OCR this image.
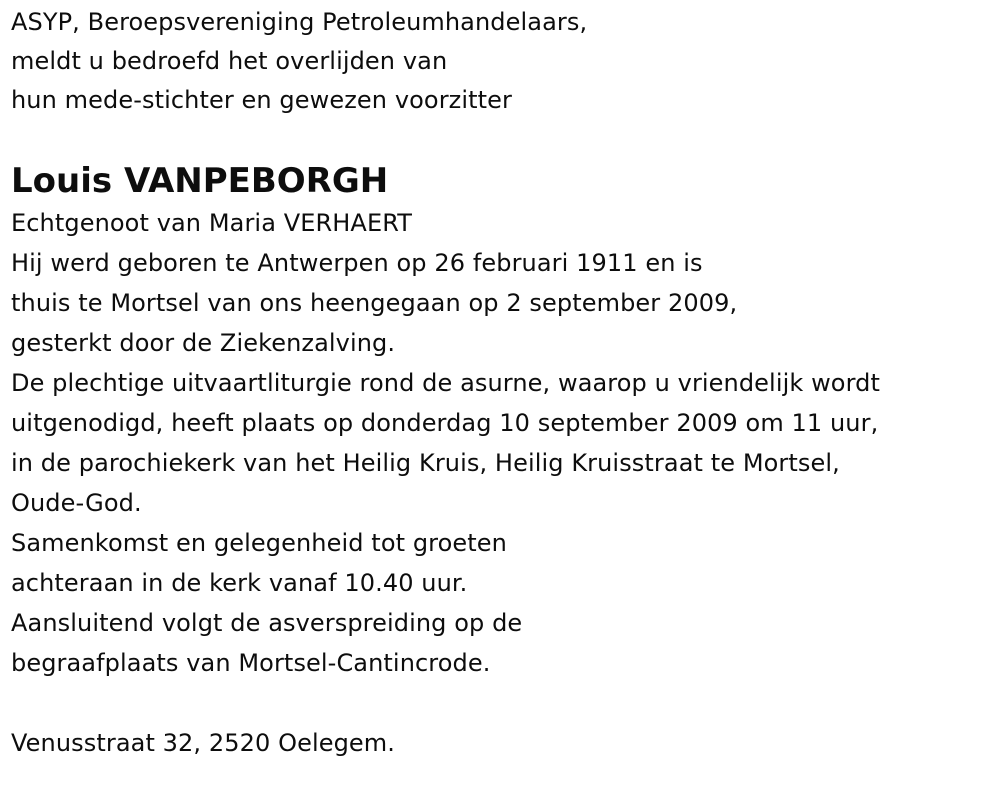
ASYP, Beroepsvereniging Petroleumhandelaars,
meldt u bedroefd het overlijden van
hun mede-stichter en gewezen voorzitter
Louis VANPEBORGH
Echtgenoot van Maria VERHAERT
Hij werd geboren te Antwerpen op 26 februari 1911 en is
thuis te Mortsel van ons heengegaan op 2 september 2009,
gesterkt door de Ziekenzalving.
De plechtige uitvaartliturgie rond de asurne, waarop u vriendelijk wordt
uitgenodigd, heeft plaats op donderdag 10 september 2009 om 11 uur,
in de parochiekerk van het Heilig Kruis, Heilig Kruisstraat te Mortsel,
Oude-God.
Samenkomst en gelegenheid tot groeten
achteraan in de kerk vanaf 10.40 uur.
Aansluitend volgt de asverspreiding op de
begraafplaats van Mortsel-Cantincrode.
Venusstraat 32, 2520 Oelegem.
